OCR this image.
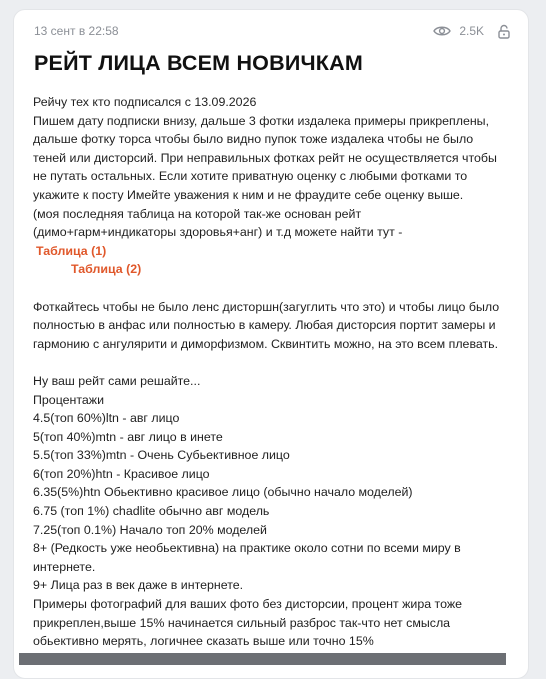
13 сент в 22:58	2.5K
РЕЙТ ЛИЦА ВСЕМ НОВИЧКАМ
Рейчу тех кто подписался с 13.09.2026
Пишем дату подписки внизу, дальше 3 фотки издалека примеры прикреплены,
дальше фотку торса чтобы было видно пупок тоже издалека чтобы не было
теней или дисторсий. При неправильных фотках рейт не осуществляется чтобы
не путать остальных. Если хотите приватную оценку с любыми фотками то
укажите к посту Имейте уважения к ним и не фраудите себе оценку выше.
(моя последняя таблица на которой так-же основан рейт
(димо+гарм+индикаторы здоровья+анг) и т.д можете найти тут -
Таблица (1)
Таблица (2)
Фоткайтесь чтобы не было ленс дисторшн(загуглить что это) и чтобы лицо было
полностью в анфас или полностью в камеру. Любая дисторсия портит замеры и
гармонию с ангулярити и диморфизмом. Сквинтить можно, на это всем плевать.
Ну ваш рейт сами решайте...
Процентажи
4.5(топ 60%)ltn - авг лицо
5(топ 40%)mtn - авг лицо в инете
5.5(топ 33%)mtn - Очень Субьективное лицо
6(топ 20%)htn - Красивое лицо
6.35(5%)htn Обьективно красивое лицо (обычно начало моделей)
6.75 (топ 1%) chadlite обычно авг модель
7.25(топ 0.1%) Начало топ 20% моделей
8+ (Редкость уже необьективна) на практике около сотни по всеми миру в
интернете.
9+ Лица раз в век даже в интернете.
Примеры фотографий для ваших фото без дисторсии, процент жира тоже
прикреплен,выше 15% начинается сильный разброс так-что нет смысла
обьективно мерять, логичнее сказать выше или точно 15%
